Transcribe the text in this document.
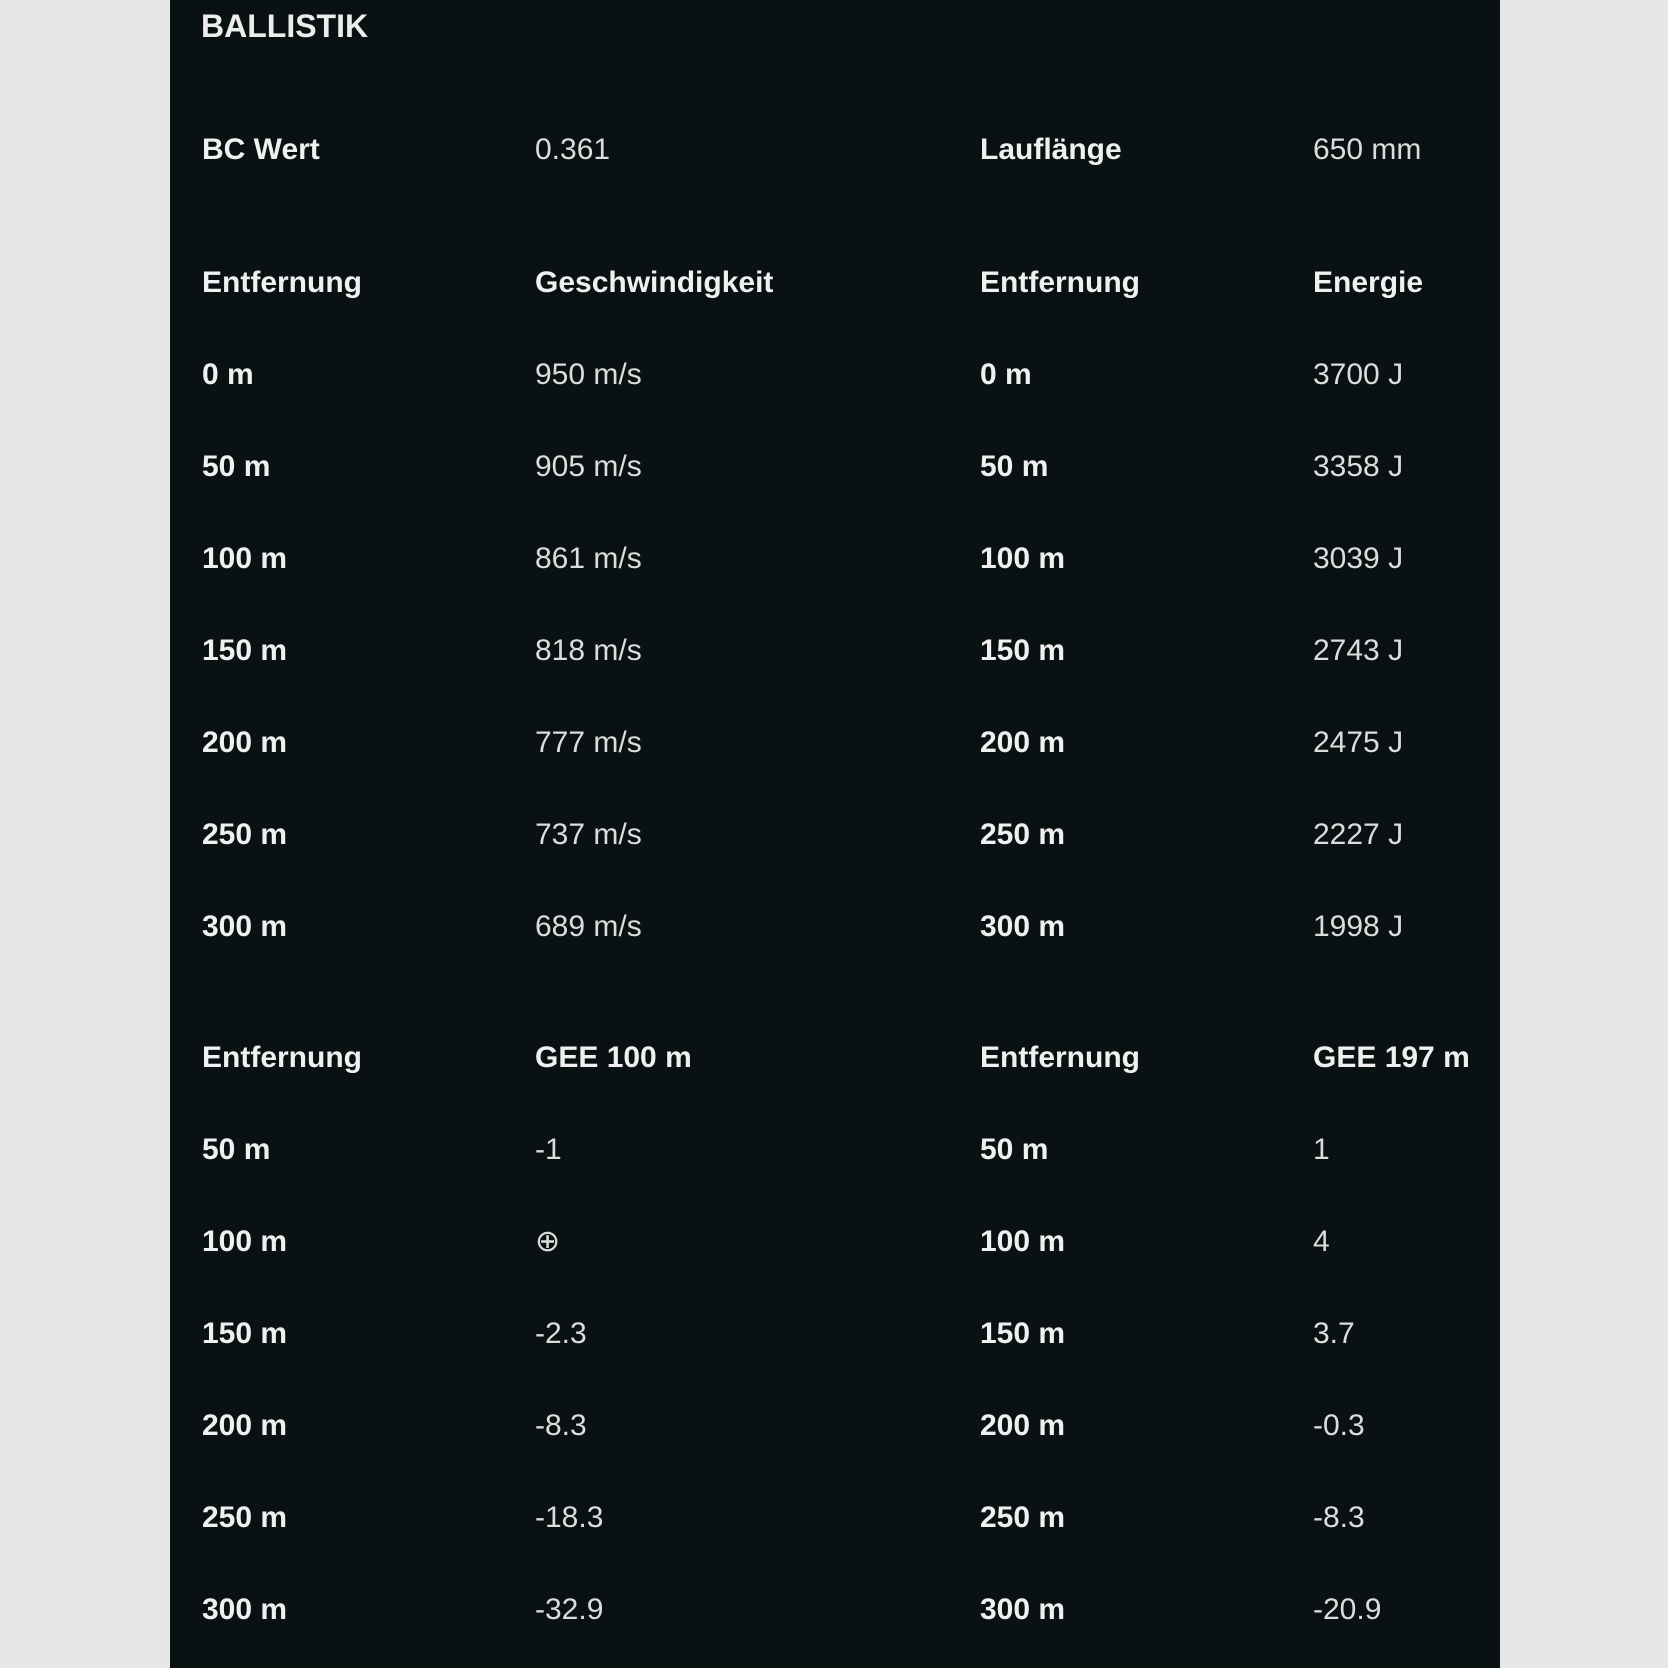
BALLISTIK
BC Wert	0.361	Lauflänge	650 mm
Entfernung	Geschwindigkeit	Entfernung	Energie
0 m	950 m/s	0 m	3700 J
50 m	905 m/s	50 m	3358 J
100 m	861 m/s	100 m	3039 J
150 m	818 m/s	150 m	2743 J
200 m	777 m/s	200 m	2475 J
250 m	737 m/s	250 m	2227 J
300 m	689 m/s	300 m	1998 J
Entfernung	GEE 100 m	Entfernung	GEE 197 m
50 m	-1	50 m	1
100 m	⊕	100 m	4
150 m	-2.3	150 m	3.7
200 m	-8.3	200 m	-0.3
250 m	-18.3	250 m	-8.3
300 m	-32.9	300 m	-20.9
